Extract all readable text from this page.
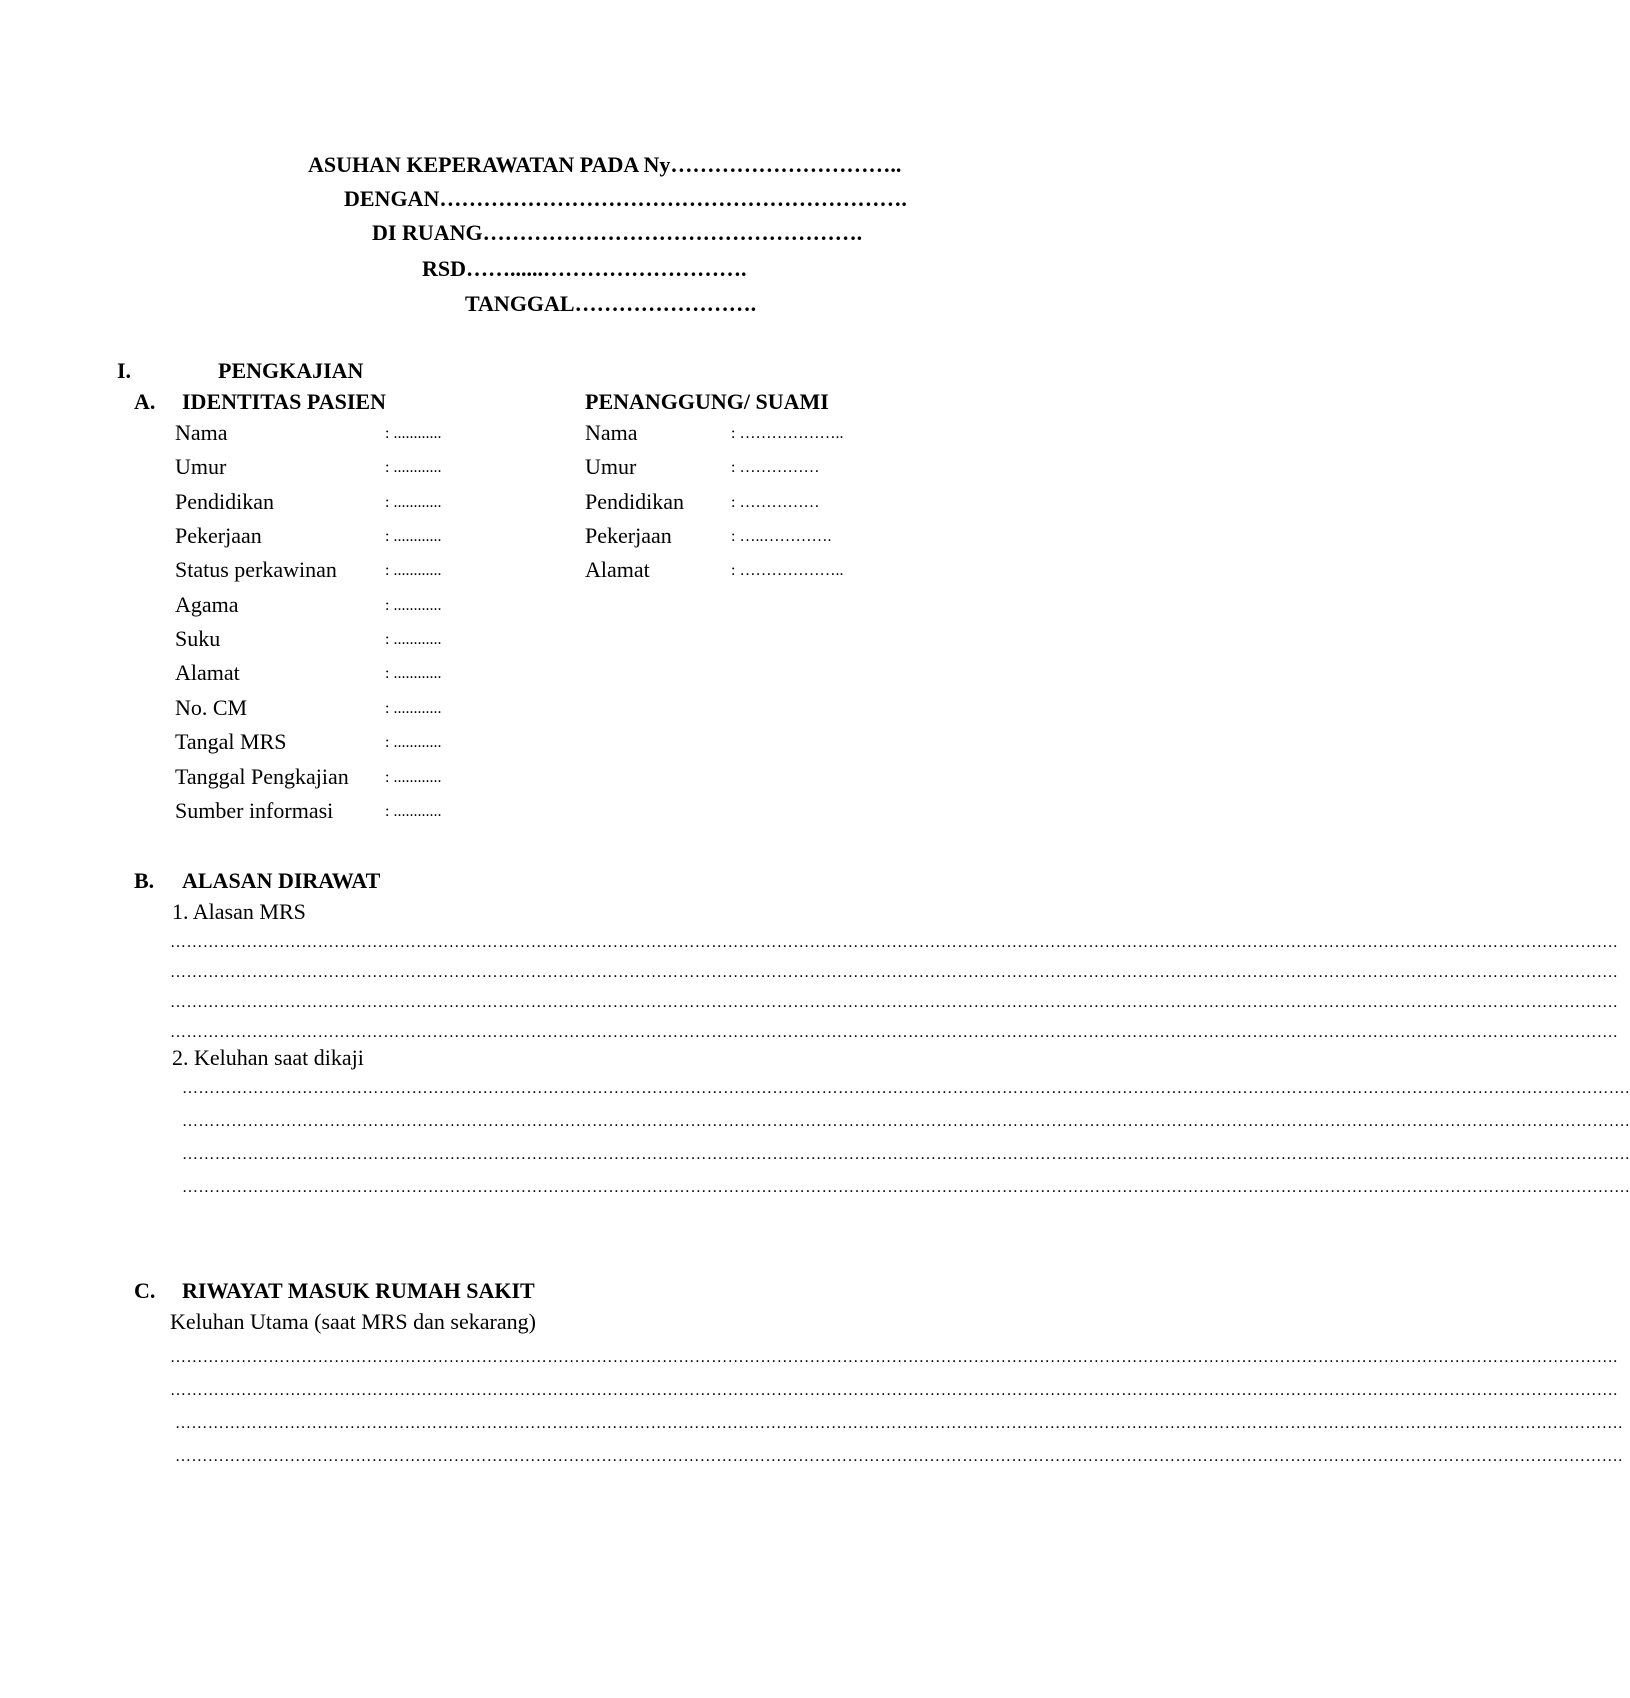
ASUHAN KEPERAWATAN PADA Ny…………………………..
DENGAN……………………………………………………….
DI RUANG…………………………………………….
RSD……......……………………….
TANGGAL…………………….
I.	PENGKAJIAN
A. IDENTITAS PASIEN	PENANGGUNG/ SUAMI
Nama	: ............
Umur	: ............
Pendidikan	: ............
Pekerjaan	: ............
Status perkawinan	: ............
Agama	: ............
Suku	: ............
Alamat	: ............
No. CM	: ............
Tangal MRS	: ............
Tanggal Pengkajian : ............
Sumber informasi	: ............
Nama	: ………………..
Umur	: ……………
Pendidikan	: ……………
Pekerjaan	: …..………….
Alamat	: ………………..
B. ALASAN DIRAWAT
1. Alasan MRS
………………………………………………………………………………………………………………………………………………………………………………………………………………………………………….
………………………………………………………………………………………………………………………………………………………………………………………………………………………………………….
………………………………………………………………………………………………………………………………………………………………………………………………………………………………………….
………………………………………………………………………………………………………………………………………………………………………………………………………………………………………….
2. Keluhan saat dikaji
………………………………………………………………………………………………………………………………………………………………………………………………………………………………………….
………………………………………………………………………………………………………………………………………………………………………………………………………………………………………….
………………………………………………………………………………………………………………………………………………………………………………………………………………………………………….
………………………………………………………………………………………………………………………………………………………………………………………………………………………………………….
C. RIWAYAT MASUK RUMAH SAKIT
Keluhan Utama (saat MRS dan sekarang)
………………………………………………………………………………………………………………………………………………………………………………………………………………………………………….
………………………………………………………………………………………………………………………………………………………………………………………………………………………………………….
………………………………………………………………………………………………………………………………………………………………………………………………………………………………………….
………………………………………………………………………………………………………………………………………………………………………………………………………………………………………….
